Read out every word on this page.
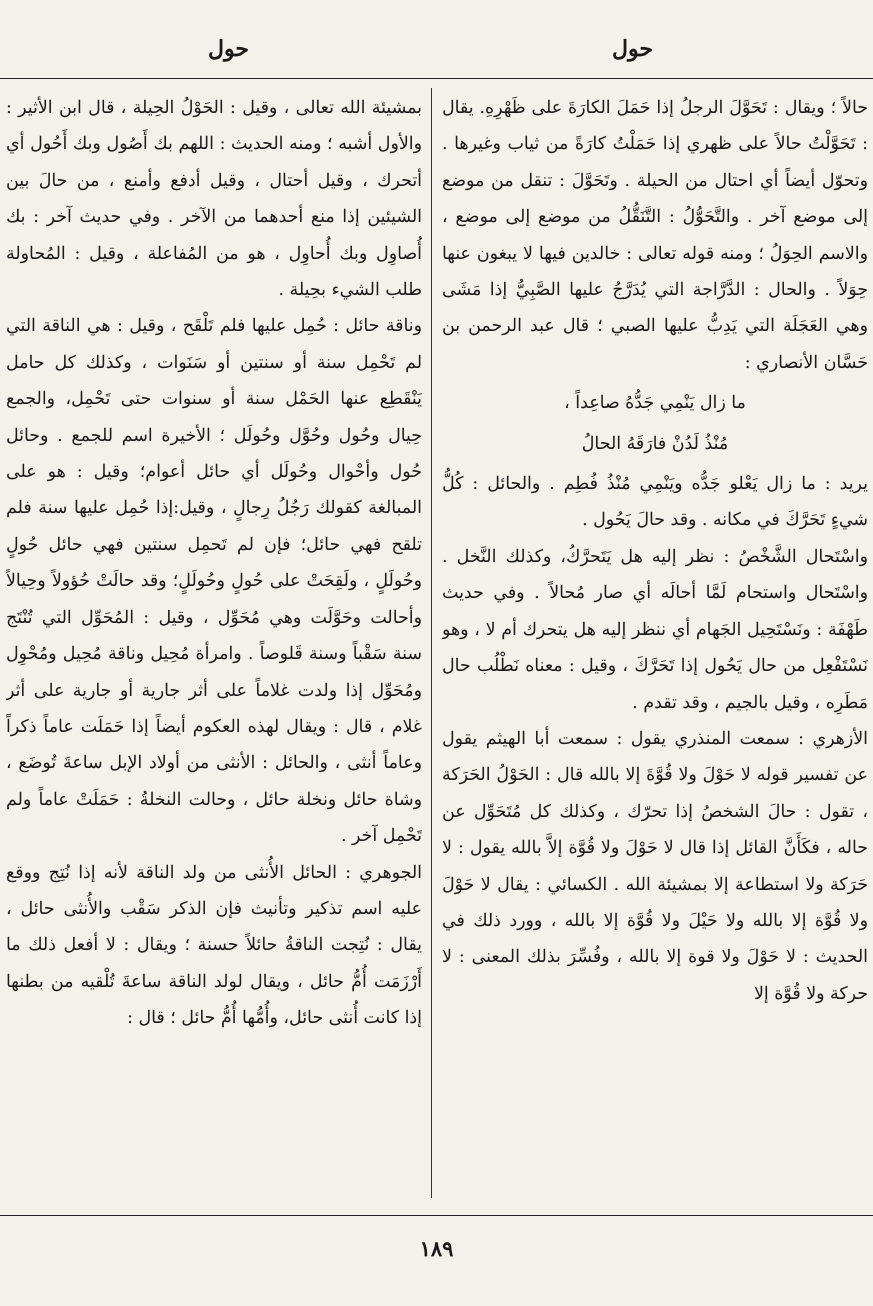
حول	حول

حالاً ؛ ويقال : تَحَوَّلَ الرجلُ إذا حَمَلَ الكارَةَ على ظَهْرِهِ. يقال : تَحَوَّلْتُ حالاً على ظهري إذا حَمَلْتُ كارَةً من ثياب وغيرها . وتحوّل أيضاً أي احتال من الحيلة . وتَحَوَّلَ : تنقل من موضع إلى موضع آخر . والتَّحَوُّلُ : التَّنَقُّلُ من موضع إلى موضع ، والاسم الحِوَلُ ؛ ومنه قوله تعالى : خالدين فيها لا يبغون عنها حِوَلاً . والحال : الدَّرَّاجة التي يُدَرَّجُ عليها الصَّبِيُّ إذا مَشَى وهي العَجَلَة التي يَدِبُّ عليها الصبي ؛ قال عبد الرحمن بن حَسَّان الأنصاري :

ما زال يَنْمِي جَدُّهُ صاعِداً ،
مُنْذُ لَدُنْ فارَقَهُ الحالُ

يريد : ما زال يَعْلو جَدُّه ويَنْمِي مُنْذُ فُطِم . والحائل : كُلُّ شيءٍ تَحَرَّكَ في مكانه . وقد حالَ يَحُول .

واسْتَحال الشَّخْصُ : نظر إليه هل يَتَحرَّكُ، وكذلك النَّخل . واسْتَحال واستحام لَمَّا أحالَه أي صار مُحالاً . وفي حديث طَهْفَة : ونَسْتَحِيل الجَهام أي ننظر إليه هل يتحرك أم لا ، وهو نَسْتَفْعِل من حال يَحُول إذا تَحَرَّكَ ، وقيل : معناه نَطْلُب حال مَطَرِه ، وقيل بالجيم ، وقد تقدم .

الأزهري : سمعت المنذري يقول : سمعت أبا الهيثم يقول عن تفسير قوله لا حَوْلَ ولا قُوَّةَ إلا بالله قال : الحَوْلُ الحَرَكة ، تقول : حالَ الشخصُ إذا تحرّك ، وكذلك كل مُتَحَوِّل عن حاله ، فكَأَنَّ القائل إذا قال لا حَوْلَ ولا قُوَّة إلاَّ بالله يقول : لا حَرَكة ولا استطاعة إلا بمشيئة الله . الكسائي : يقال لا حَوْلَ ولا قُوَّة إلا بالله ولا حَيْلَ ولا قُوَّة إلا بالله ، وورد ذلك في الحديث : لا حَوْلَ ولا قوة إلا بالله ، وفُسِّرَ بذلك المعنى : لا حركة ولا قُوَّة إلا

بمشيئة الله تعالى ، وقيل : الحَوْلُ الحِيلة ، قال ابن الأثير : والأول أشبه ؛ ومنه الحديث : اللهم بك أَصُول وبك أَحُول أي أتحرك ، وقيل أحتال ، وقيل أدفع وأمنع ، من حالَ بين الشيئين إذا منع أحدهما من الآخر . وفي حديث آخر : بك أُصاوِل وبك أُحاوِل ، هو من المُفاعلة ، وقيل : المُحاولة طلب الشيء بحِيلة .

وناقة حائل : حُمِل عليها فلم تَلْقَح ، وقيل : هي الناقة التي لم تَحْمِل سنة أو سنتين أو سَنَوات ، وكذلك كل حامل يَنْقَطِع عنها الحَمْل سنة أو سنوات حتى تَحْمِل، والجمع حِيال وحُول وحُوَّل وحُولَل ؛ الأخيرة اسم للجمع . وحائل حُول وأحْوال وحُولَل أي حائل أعوام؛ وقيل : هو على المبالغة كقولك رَجُلُ رِجالٍ ، وقيل:إذا حُمِل عليها سنة فلم تلقح فهي حائل؛ فإن لم تَحمِل سنتين فهي حائل حُولٍ وحُولَلٍ ، ولَقِحَتْ على حُولٍ وحُولَلٍ؛ وقد حالَتْ حُؤولاً وحِيالاً وأحالت وحَوَّلَت وهي مُحَوِّل ، وقيل : المُحَوِّل التي تُنْتَج سنة سَقْباً وسنة قَلوصاً . وامرأة مُحِيل وناقة مُحِيل ومُحْوِل ومُحَوِّل إذا ولدت غلاماً على أثر جارية أو جارية على أثر غلام ، قال : ويقال لهذه العكوم أيضاً إذا حَمَلَت عاماً ذكراً وعاماً أنثى ، والحائل : الأنثى من أولاد الإبل ساعةَ تُوضَع ، وشاة حائل ونخلة حائل ، وحالت النخلةُ : حَمَلَتْ عاماً ولم تَحْمِل آخر .

الجوهري : الحائل الأُنثى من ولد الناقة لأنه إذا نُتِج ووقع عليه اسم تذكير وتأنيث فإن الذكر سَقْب والأُنثى حائل ، يقال : نُتِجت الناقةُ حائلاً حسنة ؛ ويقال : لا أفعل ذلك ما أَرْزَمَت أُمُّ حائل ، ويقال لولد الناقة ساعةَ تُلْقيه من بطنها إذا كانت أُنثى حائل، وأُمُّها أُمُّ حائل ؛ قال :

١٨٩
